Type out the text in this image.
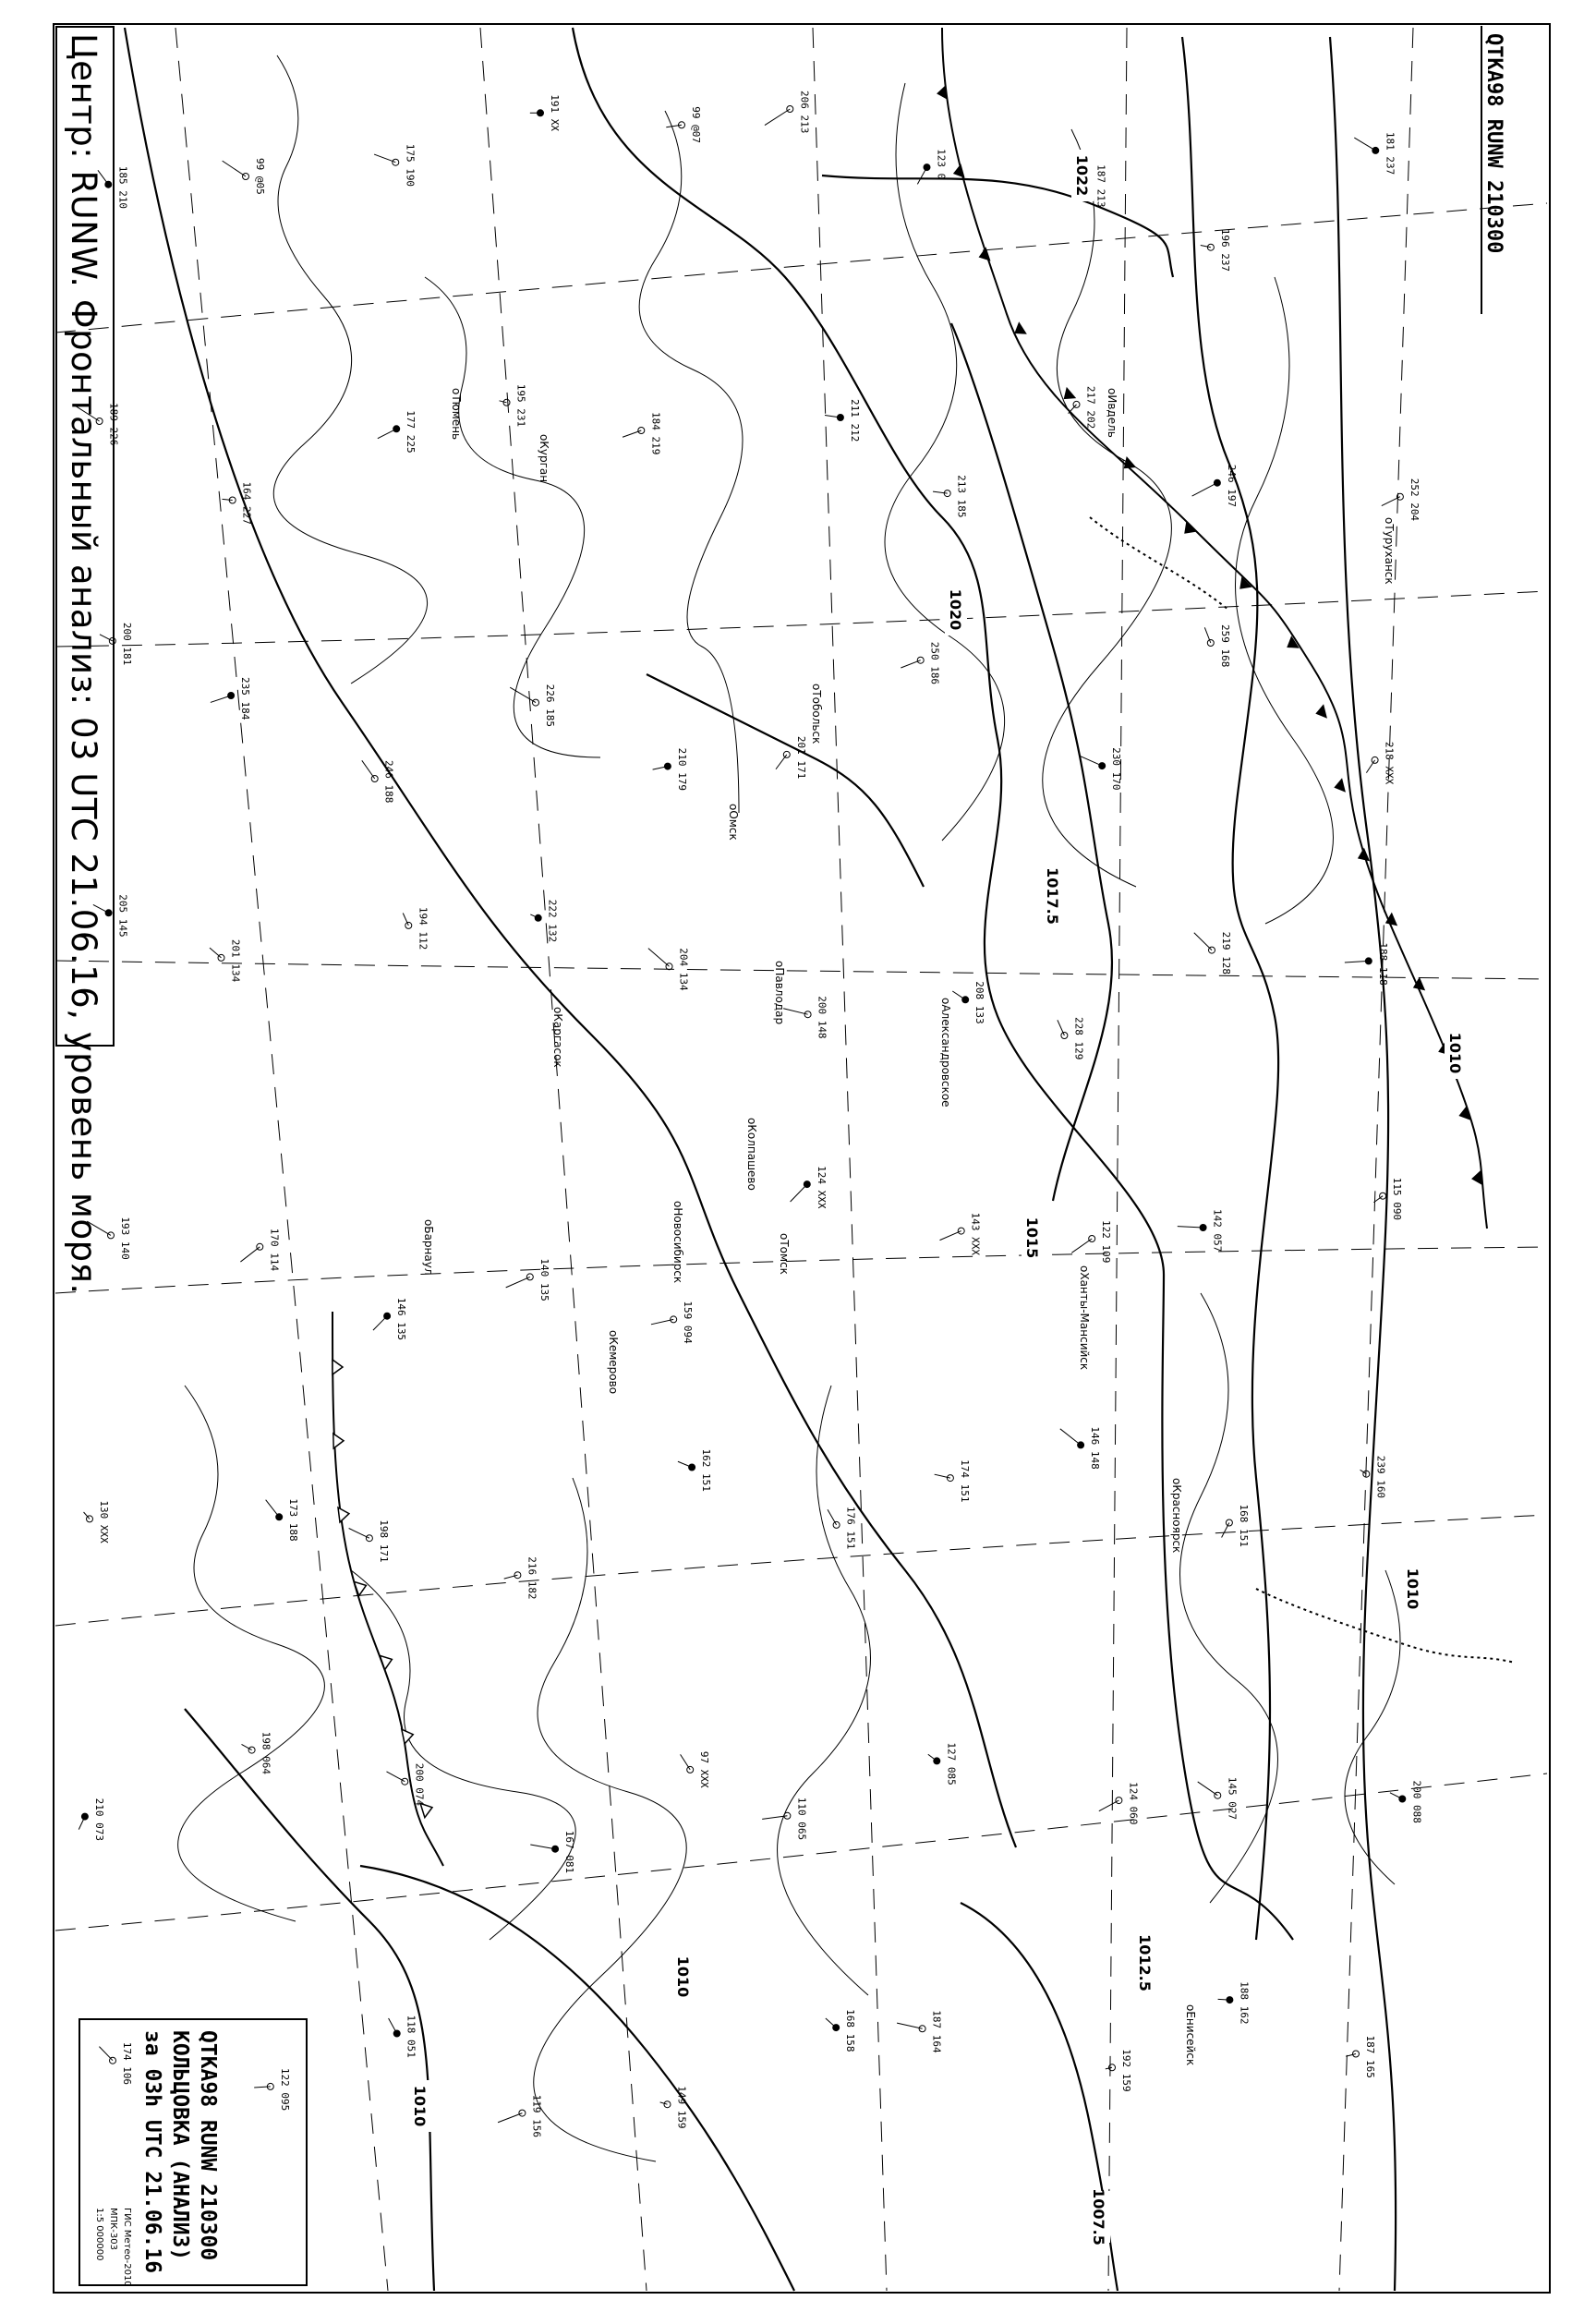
185 210	99 @05	175 190
191 XX	99 @07	206 213
123 0
187 213
196 237
181 237
189 226
164 227
177 225
195 231
184 219	211 212
213 185
217 202
246 197	252 204
200 181
235 184
246 188
226 185
210 179	201 171
250 186
230 170
259 168
218 XXX
205 145
201 134
194 112	222 132
204 134
200 148	208 133
228 129
219 128	188 118
193 140	170 114
146 135
140 135
159 094
124 XXX
143 XXX	122 109	142 057
115 090
130 XXX	173 188	198 171
216 182
162 151
176 151
174 151
146 148
168 151
239 160
210 073
198 064
200 074
167 081
97 XXX
110 065
127 085
124 060	145 027	200 088
174 106
122 095
118 051
119 156	149 159
168 158	187 164
192 159
188 162
187 165
оКурган
оОмск
оТюмень
оБарнаул	оНовосибирск	оТомск
оКемерово
оКрасноярск
оЕнисейск
оПавлодар
оАлександровское
оХанты-Мансийск
оТуруханск
оИвдель
оКолпашево
оКаргасок
оТобольск
1022
1020
1017.5
1015
1012.5
1010
1010
1010
1010
1007.5
QTKA98 RUNW 210300
Центр: RUNW. Фронтальный анализ: 03 UTC 21.06.16, уровень моря.
QTKA98 RUNW 210300
КОЛЬЦОВКА (АНАЛИЗ)
за 03h UTC 21.06.16
ГИС Метео-2010
МПК-303
1:5 000000
